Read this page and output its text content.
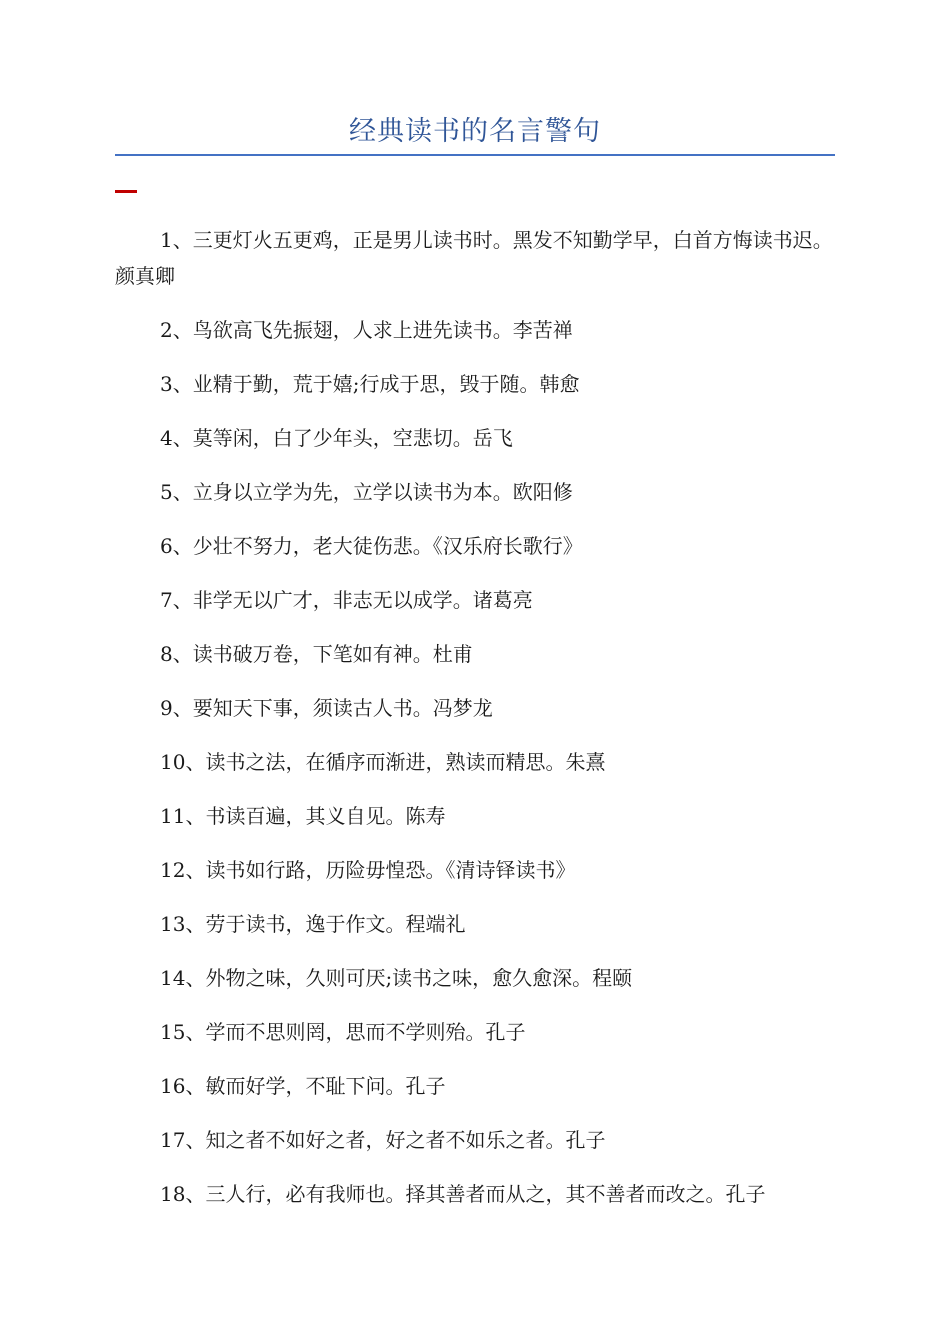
经典读书的名言警句
1、三更灯火五更鸡，正是男儿读书时。黑发不知勤学早，白首方悔读书迟。颜真卿
2、鸟欲高飞先振翅，人求上进先读书。李苦禅
3、业精于勤，荒于嬉;行成于思，毁于随。韩愈
4、莫等闲，白了少年头，空悲切。岳飞
5、立身以立学为先，立学以读书为本。欧阳修
6、少壮不努力，老大徒伤悲。《汉乐府长歌行》
7、非学无以广才，非志无以成学。诸葛亮
8、读书破万卷，下笔如有神。杜甫
9、要知天下事，须读古人书。冯梦龙
10、读书之法，在循序而渐进，熟读而精思。朱熹
11、书读百遍，其义自见。陈寿
12、读书如行路，历险毋惶恐。《清诗铎读书》
13、劳于读书，逸于作文。程端礼
14、外物之味，久则可厌;读书之味，愈久愈深。程颐
15、学而不思则罔，思而不学则殆。孔子
16、敏而好学，不耻下问。孔子
17、知之者不如好之者，好之者不如乐之者。孔子
18、三人行，必有我师也。择其善者而从之，其不善者而改之。孔子
